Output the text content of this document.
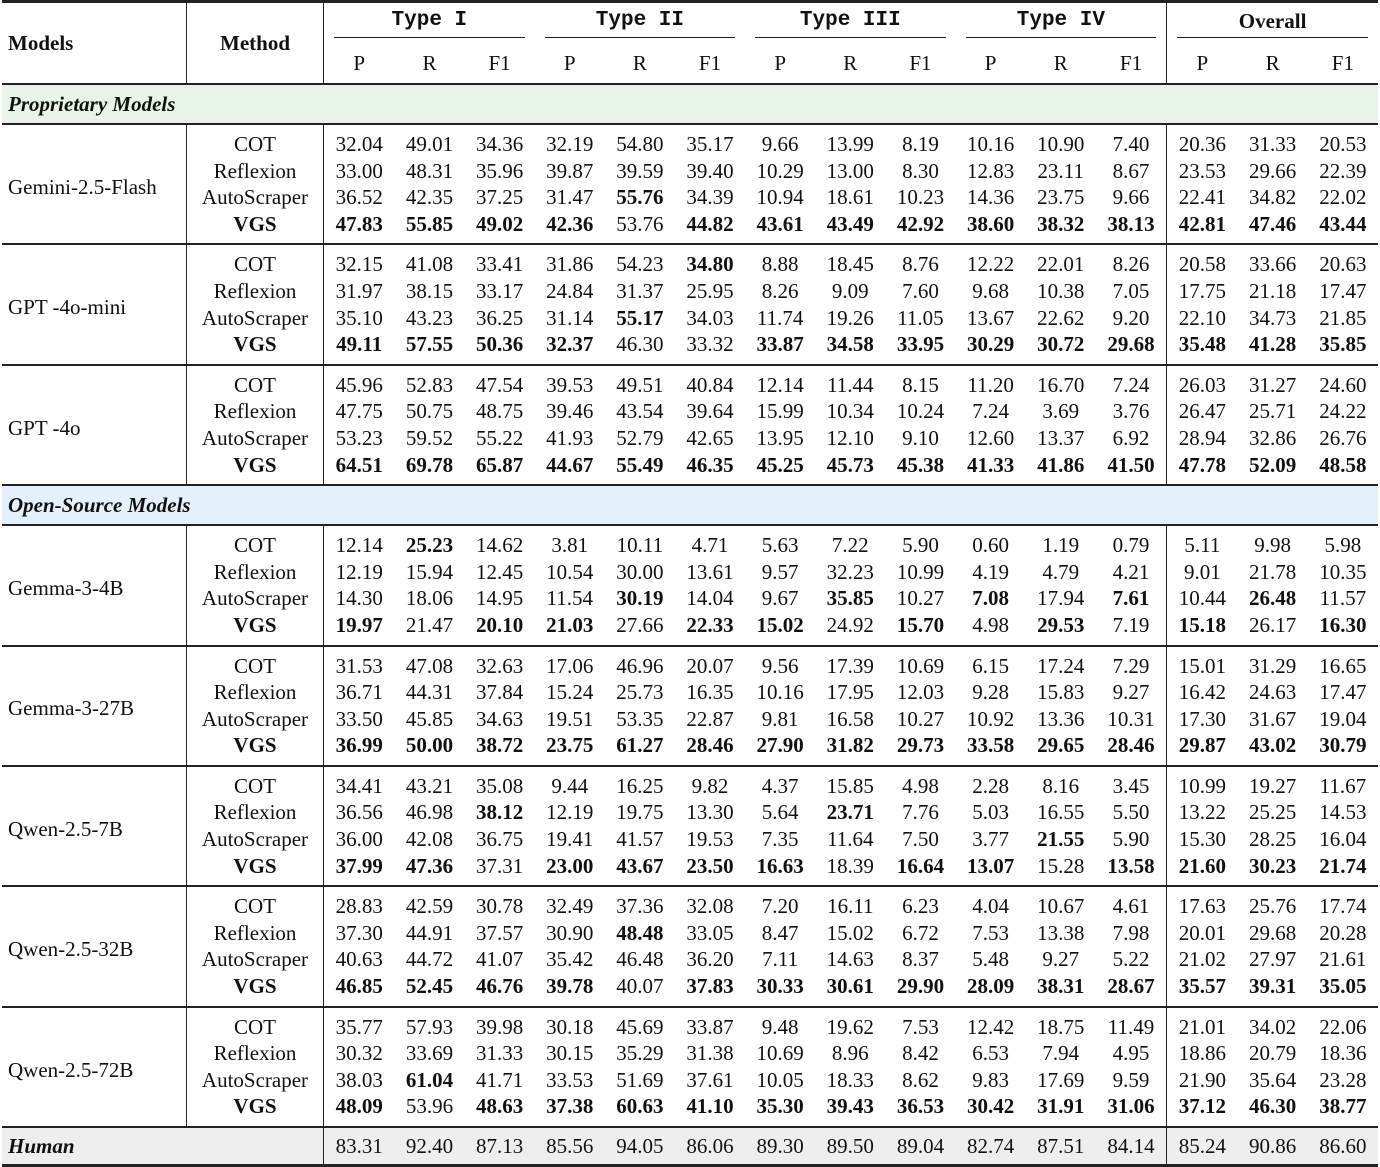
Models	Method	Type I			Type II			Type III			Type IV			Overall		

		P	R	F1	P	R	F1	P	R	F1	P	R	F1	P	R	F1
Proprietary Models																
Gemini-2.5-Flash	COT	32.04	49.01	34.36	32.19	54.80	35.17	9.66	13.99	8.19	10.16	10.90	7.40	20.36	31.33	20.53
	Reflexion	33.00	48.31	35.96	39.87	39.59	39.40	10.29	13.00	8.30	12.83	23.11	8.67	23.53	29.66	22.39
	AutoScraper	36.52	42.35	37.25	31.47	55.76	34.39	10.94	18.61	10.23	14.36	23.75	9.66	22.41	34.82	22.02
	VGS	47.83	55.85	49.02	42.36	53.76	44.82	43.61	43.49	42.92	38.60	38.32	38.13	42.81	47.46	43.44
GPT -4o-mini	COT	32.15	41.08	33.41	31.86	54.23	34.80	8.88	18.45	8.76	12.22	22.01	8.26	20.58	33.66	20.63
	Reflexion	31.97	38.15	33.17	24.84	31.37	25.95	8.26	9.09	7.60	9.68	10.38	7.05	17.75	21.18	17.47
	AutoScraper	35.10	43.23	36.25	31.14	55.17	34.03	11.74	19.26	11.05	13.67	22.62	9.20	22.10	34.73	21.85
	VGS	49.11	57.55	50.36	32.37	46.30	33.32	33.87	34.58	33.95	30.29	30.72	29.68	35.48	41.28	35.85
GPT -4o	COT	45.96	52.83	47.54	39.53	49.51	40.84	12.14	11.44	8.15	11.20	16.70	7.24	26.03	31.27	24.60
	Reflexion	47.75	50.75	48.75	39.46	43.54	39.64	15.99	10.34	10.24	7.24	3.69	3.76	26.47	25.71	24.22
	AutoScraper	53.23	59.52	55.22	41.93	52.79	42.65	13.95	12.10	9.10	12.60	13.37	6.92	28.94	32.86	26.76
	VGS	64.51	69.78	65.87	44.67	55.49	46.35	45.25	45.73	45.38	41.33	41.86	41.50	47.78	52.09	48.58
Open-Source Models																
Gemma-3-4B	COT	12.14	25.23	14.62	3.81	10.11	4.71	5.63	7.22	5.90	0.60	1.19	0.79	5.11	9.98	5.98
	Reflexion	12.19	15.94	12.45	10.54	30.00	13.61	9.57	32.23	10.99	4.19	4.79	4.21	9.01	21.78	10.35
	AutoScraper	14.30	18.06	14.95	11.54	30.19	14.04	9.67	35.85	10.27	7.08	17.94	7.61	10.44	26.48	11.57
	VGS	19.97	21.47	20.10	21.03	27.66	22.33	15.02	24.92	15.70	4.98	29.53	7.19	15.18	26.17	16.30
Gemma-3-27B	COT	31.53	47.08	32.63	17.06	46.96	20.07	9.56	17.39	10.69	6.15	17.24	7.29	15.01	31.29	16.65
	Reflexion	36.71	44.31	37.84	15.24	25.73	16.35	10.16	17.95	12.03	9.28	15.83	9.27	16.42	24.63	17.47
	AutoScraper	33.50	45.85	34.63	19.51	53.35	22.87	9.81	16.58	10.27	10.92	13.36	10.31	17.30	31.67	19.04
	VGS	36.99	50.00	38.72	23.75	61.27	28.46	27.90	31.82	29.73	33.58	29.65	28.46	29.87	43.02	30.79
Qwen-2.5-7B	COT	34.41	43.21	35.08	9.44	16.25	9.82	4.37	15.85	4.98	2.28	8.16	3.45	10.99	19.27	11.67
	Reflexion	36.56	46.98	38.12	12.19	19.75	13.30	5.64	23.71	7.76	5.03	16.55	5.50	13.22	25.25	14.53
	AutoScraper	36.00	42.08	36.75	19.41	41.57	19.53	7.35	11.64	7.50	3.77	21.55	5.90	15.30	28.25	16.04
	VGS	37.99	47.36	37.31	23.00	43.67	23.50	16.63	18.39	16.64	13.07	15.28	13.58	21.60	30.23	21.74
Qwen-2.5-32B	COT	28.83	42.59	30.78	32.49	37.36	32.08	7.20	16.11	6.23	4.04	10.67	4.61	17.63	25.76	17.74
	Reflexion	37.30	44.91	37.57	30.90	48.48	33.05	8.47	15.02	6.72	7.53	13.38	7.98	20.01	29.68	20.28
	AutoScraper	40.63	44.72	41.07	35.42	46.48	36.20	7.11	14.63	8.37	5.48	9.27	5.22	21.02	27.97	21.61
	VGS	46.85	52.45	46.76	39.78	40.07	37.83	30.33	30.61	29.90	28.09	38.31	28.67	35.57	39.31	35.05
Qwen-2.5-72B	COT	35.77	57.93	39.98	30.18	45.69	33.87	9.48	19.62	7.53	12.42	18.75	11.49	21.01	34.02	22.06
	Reflexion	30.32	33.69	31.33	30.15	35.29	31.38	10.69	8.96	8.42	6.53	7.94	4.95	18.86	20.79	18.36
	AutoScraper	38.03	61.04	41.71	33.53	51.69	37.61	10.05	18.33	8.62	9.83	17.69	9.59	21.90	35.64	23.28
	VGS	48.09	53.96	48.63	37.38	60.63	41.10	35.30	39.43	36.53	30.42	31.91	31.06	37.12	46.30	38.77
Human		83.31	92.40	87.13	85.56	94.05	86.06	89.30	89.50	89.04	82.74	87.51	84.14	85.24	90.86	86.60
